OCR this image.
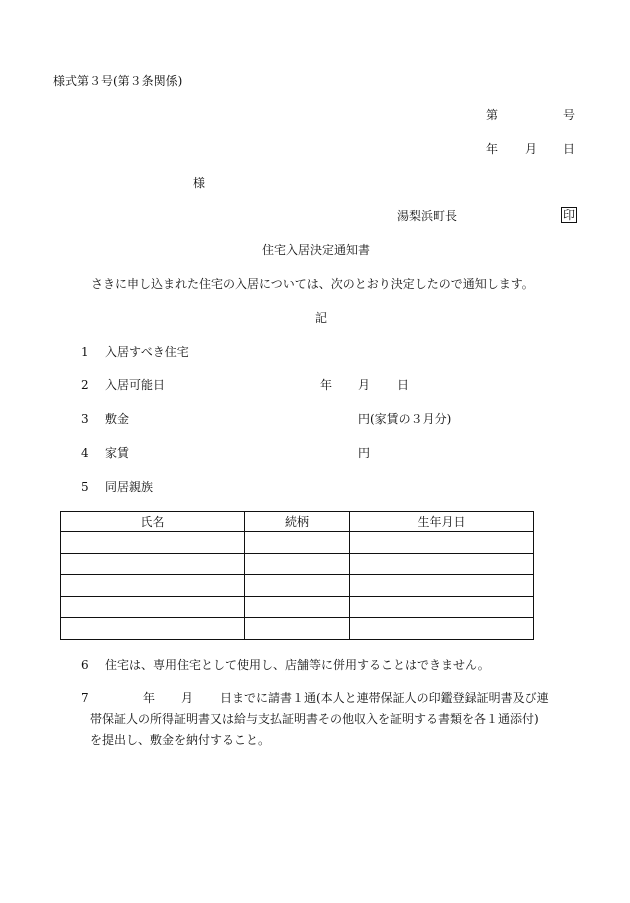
様式第３号(第３条関係)
第	号
年 月 日
様
湯梨浜町長	印
住宅入居決定通知書
さきに申し込まれた住宅の入居については、次のとおり決定したので通知します。
記
1 入居すべき住宅
2 入居可能日	年 月 日
3 敷金	円(家賃の３月分)
4 家賃	円
5 同居親族
氏名	続柄	生年月日

6 住宅は、専用住宅として使用し、店舗等に併用することはできません。
7	年 月 日までに請書１通(本人と連帯保証人の印鑑登録証明書及び連
帯保証人の所得証明書又は給与支払証明書その他収入を証明する書類を各１通添付)
を提出し、敷金を納付すること。
